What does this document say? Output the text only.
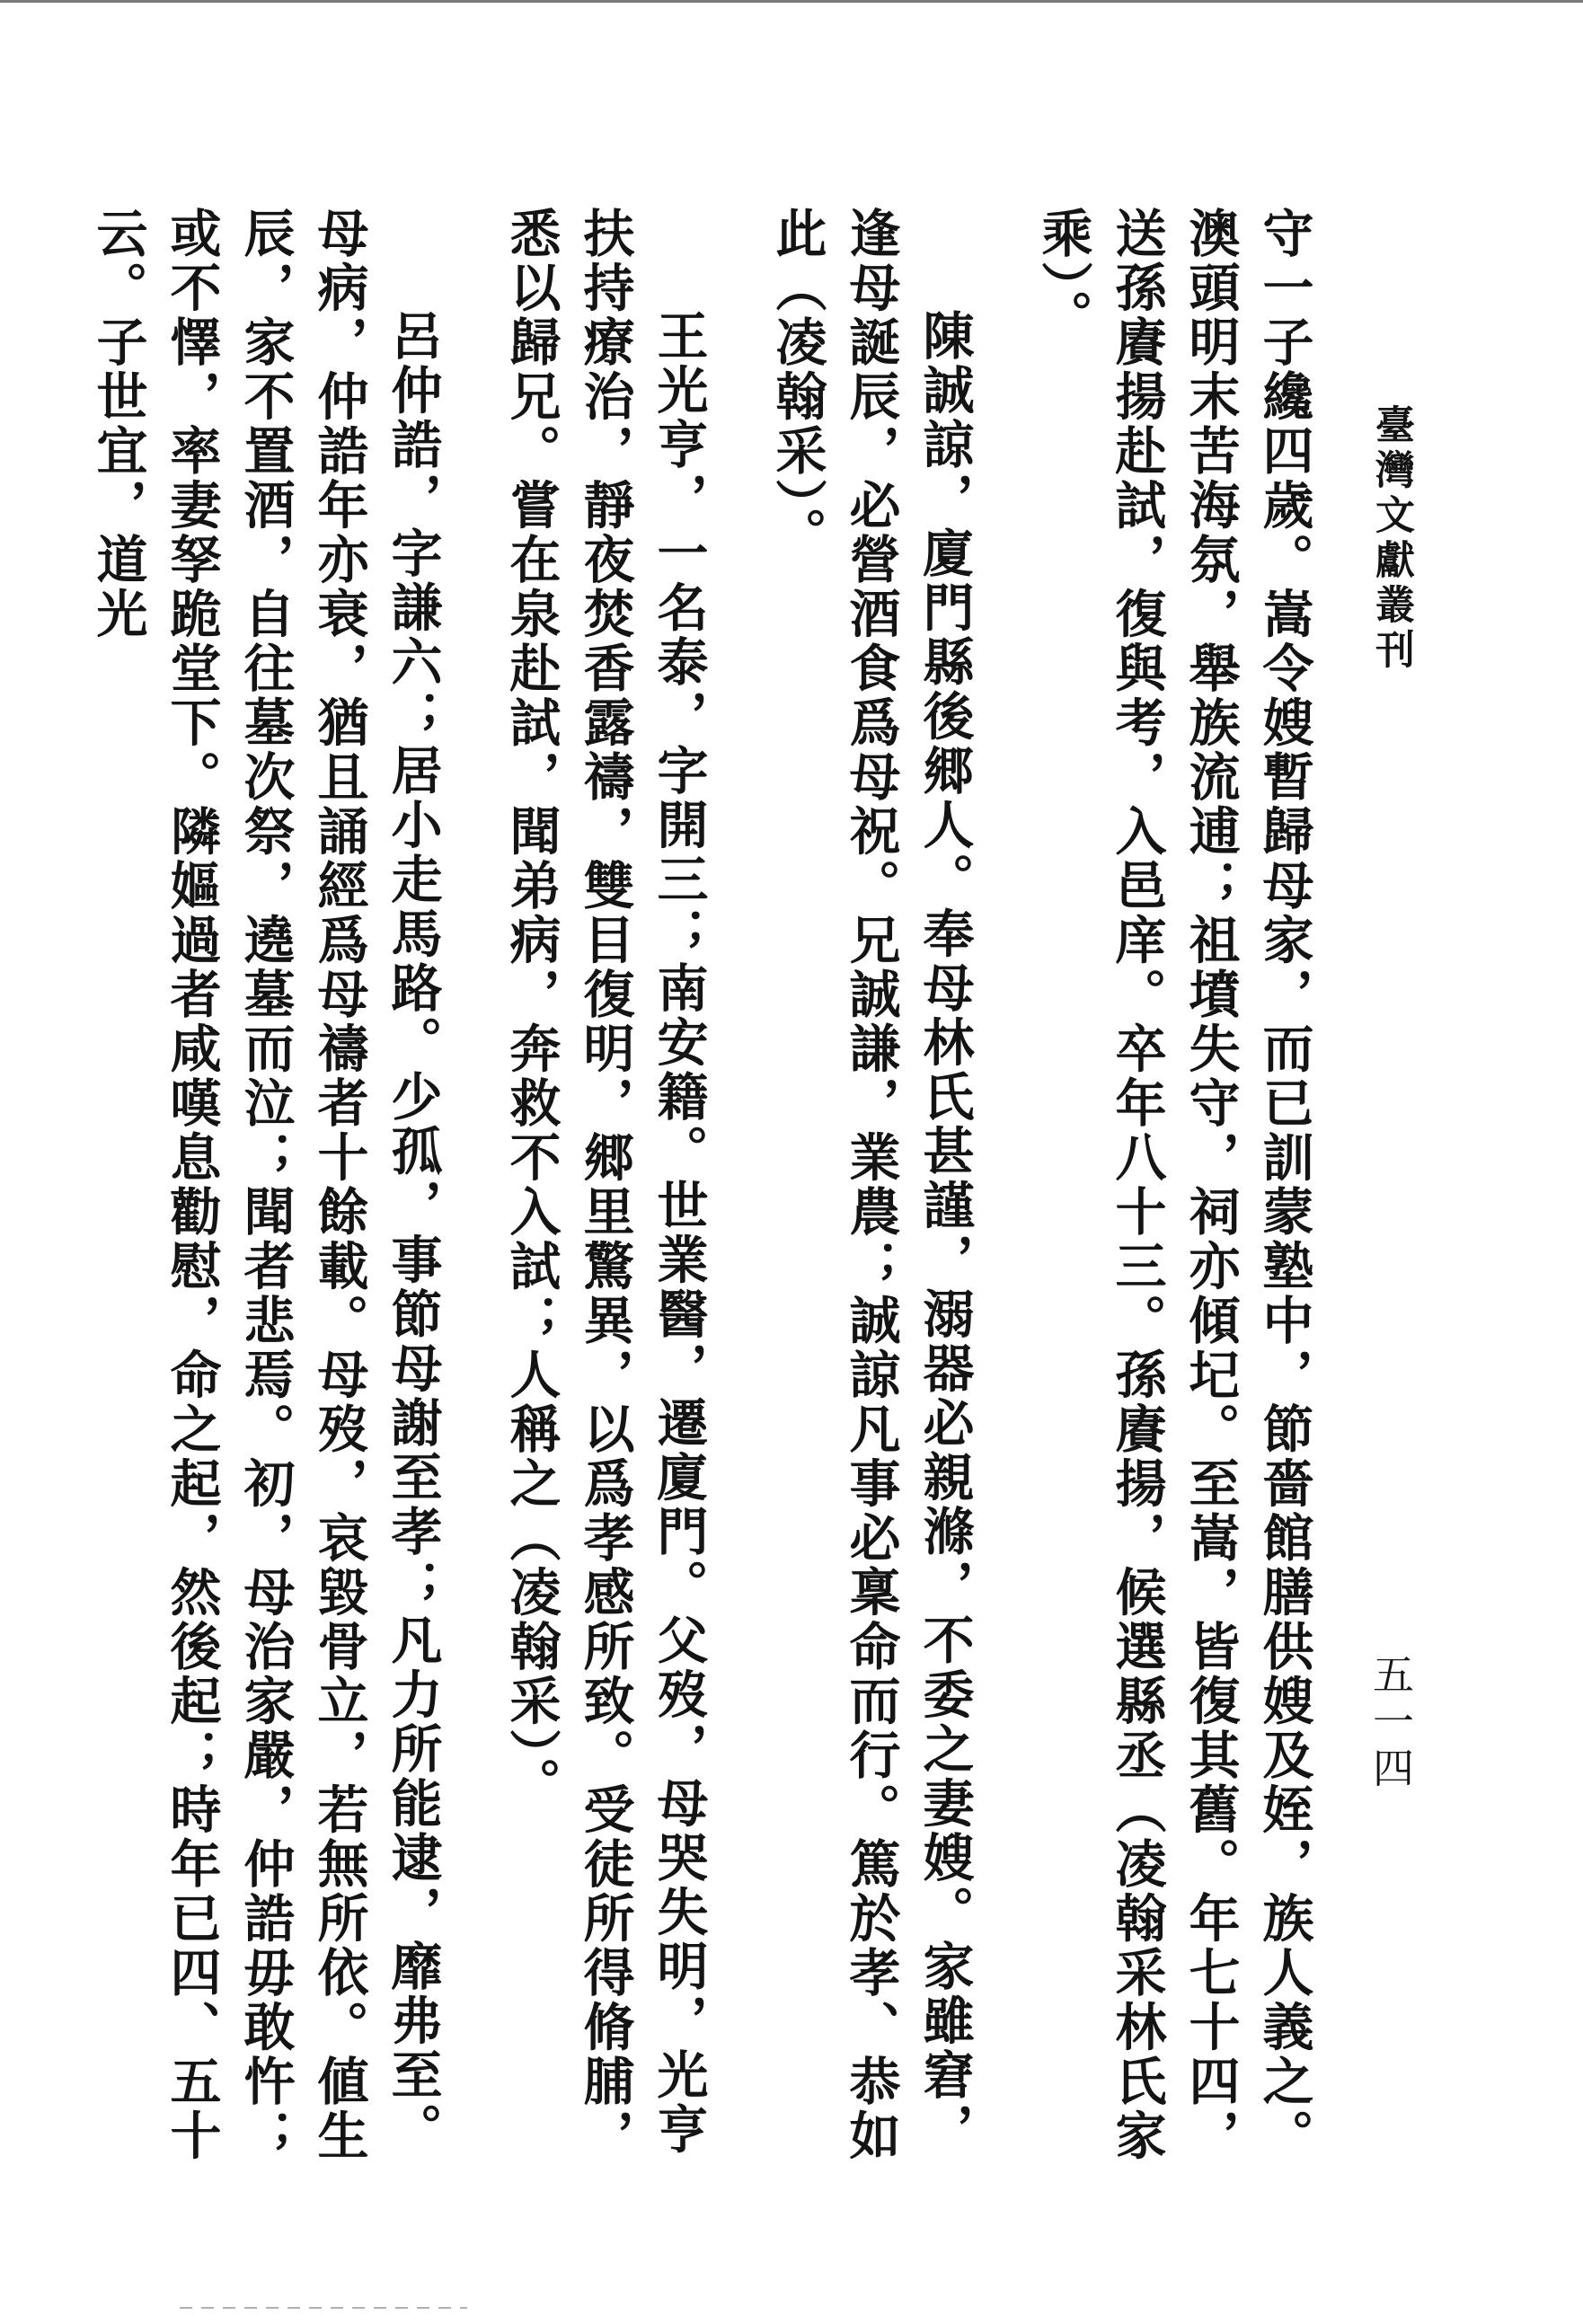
臺灣文獻叢刊
五一四

守一子纔四歲。嵩令嫂暫歸母家，而已訓蒙塾中，節嗇館膳供嫂及姪，族人義之。澳頭明末苦海氛，舉族流逋；祖墳失守，祠亦傾圮。至嵩，皆復其舊。年七十四，送孫賡揚赴試，復與考，入邑庠。卒年八十三。孫賡揚，候選縣丞（凌翰采林氏家乘）。

陳誠諒，廈門縣後郷人。奉母林氏甚謹，溺器必親滌，不委之妻嫂。家雖窘，逢母誕辰，必營酒食爲母祝。兄誠謙，業農；誠諒凡事必稟命而行。篤於孝、恭如此（凌翰采）。

王光亨，一名泰，字開三；南安籍。世業醫，遷廈門。父歿，母哭失明，光亨扶持療治，靜夜焚香露禱，雙目復明，郷里驚異，以爲孝感所致。受徒所得脩脯，悉以歸兄。嘗在泉赴試，聞弟病，奔救不入試；人稱之（凌翰采）。

呂仲誥，字謙六；居小走馬路。少孤，事節母謝至孝；凡力所能逮，靡弗至。母病，仲誥年亦衰，猶且誦經爲母禱者十餘載。母歿，哀毀骨立，若無所依。値生辰，家不置酒，自往墓次祭，遶墓而泣；聞者悲焉。初，母治家嚴，仲誥毋敢忤；或不懌，率妻孥跪堂下。隣嫗過者咸嘆息勸慰，命之起，然後起；時年已四、五十云。子世宜，道光
